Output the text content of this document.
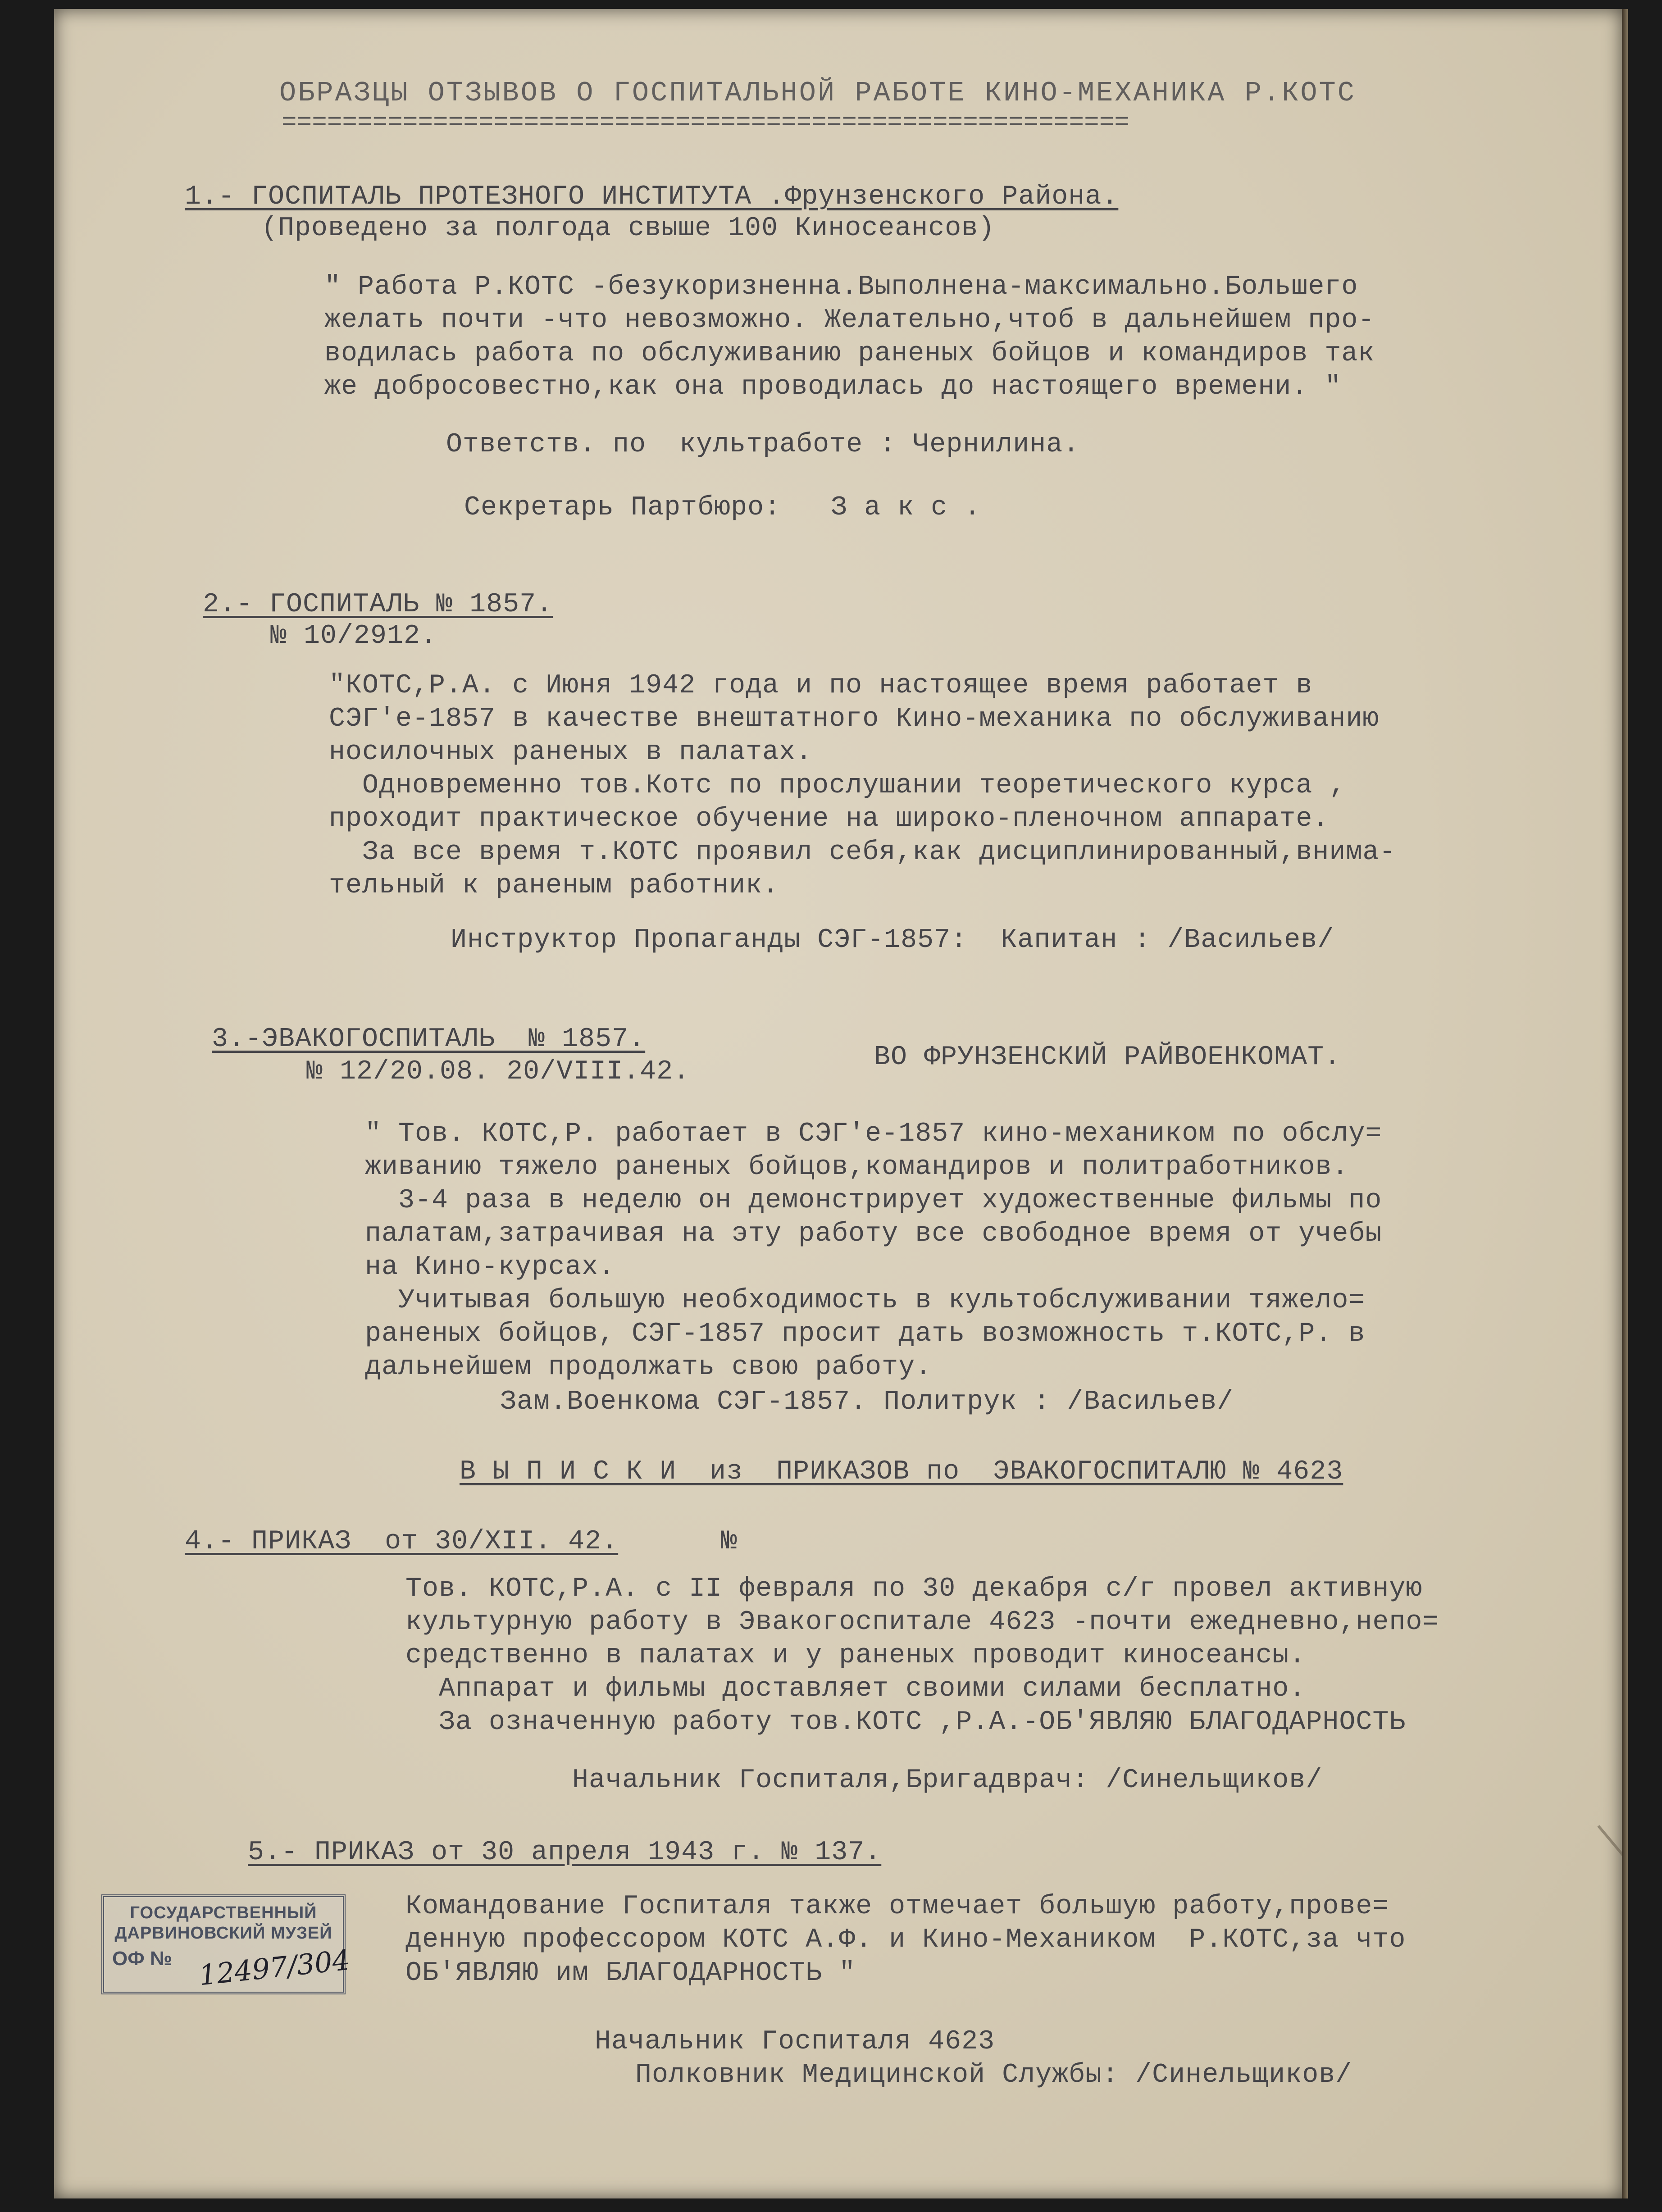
ОБРАЗЦЫ ОТЗЫВОВ О ГОСПИТАЛЬНОЙ РАБОТЕ КИНО-МЕХАНИКА Р.КОТС
========================================================
1.- ГОСПИТАЛЬ ПРОТЕЗНОГО ИНСТИТУТА .Фрунзенского Района.
(Проведено за полгода свыше 100 Киносеансов)
" Работа Р.КОТС -безукоризненна.Выполнена-максимально.Большего
желать почти -что невозможно. Желательно,чтоб в дальнейшем про-
водилась работа по обслуживанию раненых бойцов и командиров так
же добросовестно,как она проводилась до настоящего времени. "
Ответств. по  культработе : Чернилина.
Секретарь Партбюро:   З а к с .
2.- ГОСПИТАЛЬ № 1857.
№ 10/2912.
"КОТС,Р.А. с Июня 1942 года и по настоящее время работает в
СЭГ'е-1857 в качестве внештатного Кино-механика по обслуживанию
носилочных раненых в палатах.
Одновременно тов.Котс по прослушании теоретического курса ,
проходит практическое обучение на широко-пленочном аппарате.
За все время т.КОТС проявил себя,как дисциплинированный,внима-
тельный к раненым работник.
Инструктор Пропаганды СЭГ-1857:  Капитан : /Васильев/
3.-ЭВАКОГОСПИТАЛЬ  № 1857.
№ 12/20.08. 20/VIII.42.	ВО ФРУНЗЕНСКИЙ РАЙВОЕНКОМАТ.
" Тов. КОТС,Р. работает в СЭГ'е-1857 кино-механиком по обслу=
живанию тяжело раненых бойцов,командиров и политработников.
3-4 раза в неделю он демонстрирует художественные фильмы по
палатам,затрачивая на эту работу все свободное время от учебы
на Кино-курсах.
Учитывая большую необходимость в культобслуживании тяжело=
раненых бойцов, СЭГ-1857 просит дать возможность т.КОТС,Р. в
дальнейшем продолжать свою работу.
Зам.Военкома СЭГ-1857. Политрук : /Васильев/
В Ы П И С К И  из  ПРИКАЗОВ по  ЭВАКОГОСПИТАЛЮ № 4623
4.- ПРИКАЗ  от 30/XII. 42.	№
Тов. КОТС,Р.А. с II февраля по 30 декабря с/г провел активную
культурную работу в Эвакогоспитале 4623 -почти ежедневно,непо=
средственно в палатах и у раненых проводит киносеансы.
Аппарат и фильмы доставляет своими силами бесплатно.
За означенную работу тов.КОТС ,Р.А.-ОБ'ЯВЛЯЮ БЛАГОДАРНОСТЬ
Начальник Госпиталя,Бригадврач: /Синельщиков/
5.- ПРИКАЗ от 30 апреля 1943 г. № 137.
Командование Госпиталя также отмечает большую работу,прове=
денную профессором КОТС А.Ф. и Кино-Механиком  Р.КОТС,за что
ОБ'ЯВЛЯЮ им БЛАГОДАРНОСТЬ "
Начальник Госпиталя 4623
Полковник Медицинской Службы: /Синельщиков/
ГОСУДАРСТВЕННЫЙ
ДАРВИНОВСКИЙ МУЗЕЙ
ОФ № 12497/304
